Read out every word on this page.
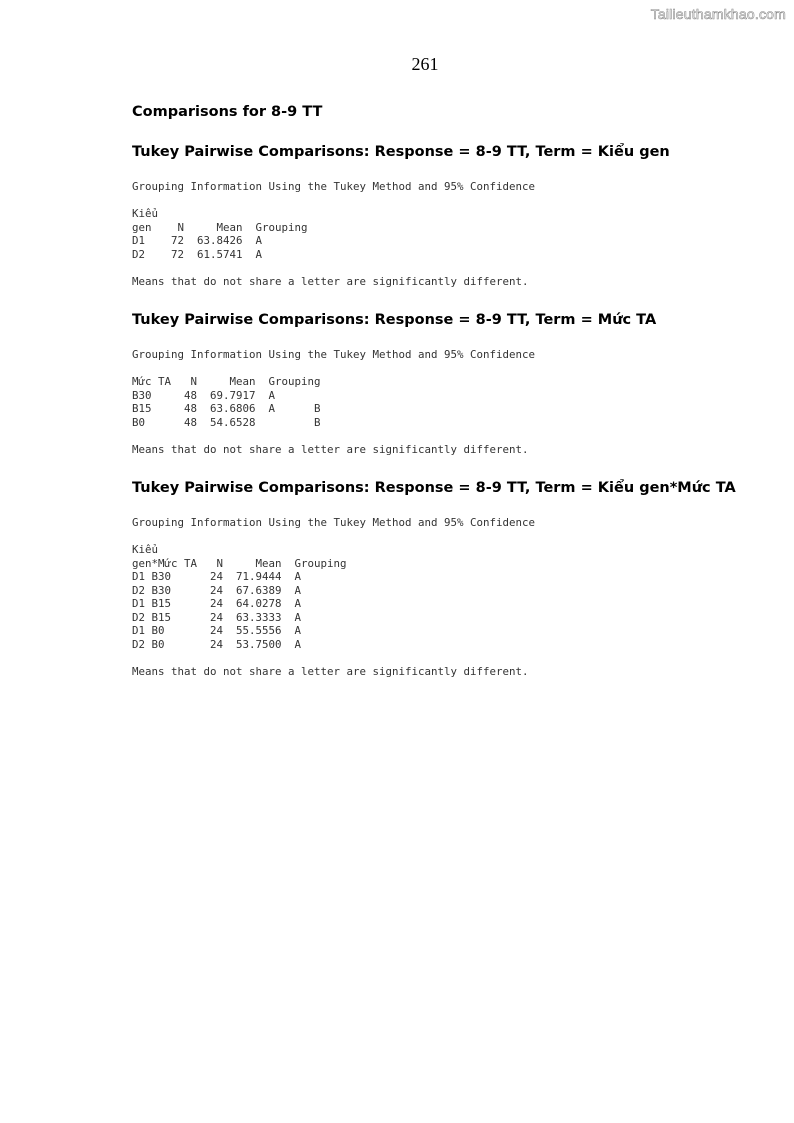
Tailieuthamkhao.com
261
Comparisons for 8-9 TT
Tukey Pairwise Comparisons: Response = 8-9 TT, Term = Kiểu gen
Grouping Information Using the Tukey Method and 95% Confidence
Kiểu
gen    N     Mean  Grouping
D1    72  63.8426  A
D2    72  61.5741  A
Means that do not share a letter are significantly different.
Tukey Pairwise Comparisons: Response = 8-9 TT, Term = Mức TA
Grouping Information Using the Tukey Method and 95% Confidence
Mức TA   N     Mean  Grouping
B30     48  69.7917  A
B15     48  63.6806  A      B
B0      48  54.6528         B
Means that do not share a letter are significantly different.
Tukey Pairwise Comparisons: Response = 8-9 TT, Term = Kiểu gen*Mức TA
Grouping Information Using the Tukey Method and 95% Confidence
Kiểu
gen*Mức TA   N     Mean  Grouping
D1 B30      24  71.9444  A
D2 B30      24  67.6389  A
D1 B15      24  64.0278  A
D2 B15      24  63.3333  A
D1 B0       24  55.5556  A
D2 B0       24  53.7500  A
Means that do not share a letter are significantly different.
